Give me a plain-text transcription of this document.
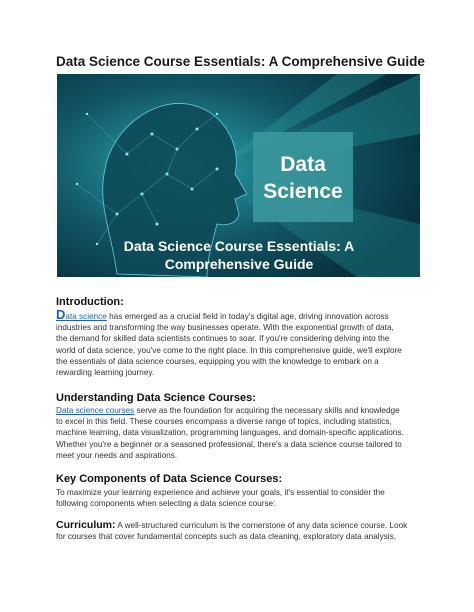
Data Science Course Essentials: A Comprehensive Guide
Data
Science
Data Science Course Essentials: A
Comprehensive Guide
Introduction:
Data science has emerged as a crucial field in today's digital age, driving innovation across
industries and transforming the way businesses operate. With the exponential growth of data,
the demand for skilled data scientists continues to soar. If you're considering delving into the
world of data science, you've come to the right place. In this comprehensive guide, we'll explore
the essentials of data science courses, equipping you with the knowledge to embark on a
rewarding learning journey.
Understanding Data Science Courses:
Data science courses serve as the foundation for acquiring the necessary skills and knowledge
to excel in this field. These courses encompass a diverse range of topics, including statistics,
machine learning, data visualization, programming languages, and domain-specific applications.
Whether you're a beginner or a seasoned professional, there's a data science course tailored to
meet your needs and aspirations.
Key Components of Data Science Courses:
To maximize your learning experience and achieve your goals, it's essential to consider the
following components when selecting a data science course:
Curriculum: A well-structured curriculum is the cornerstone of any data science course. Look
for courses that cover fundamental concepts such as data cleaning, exploratory data analysis,
